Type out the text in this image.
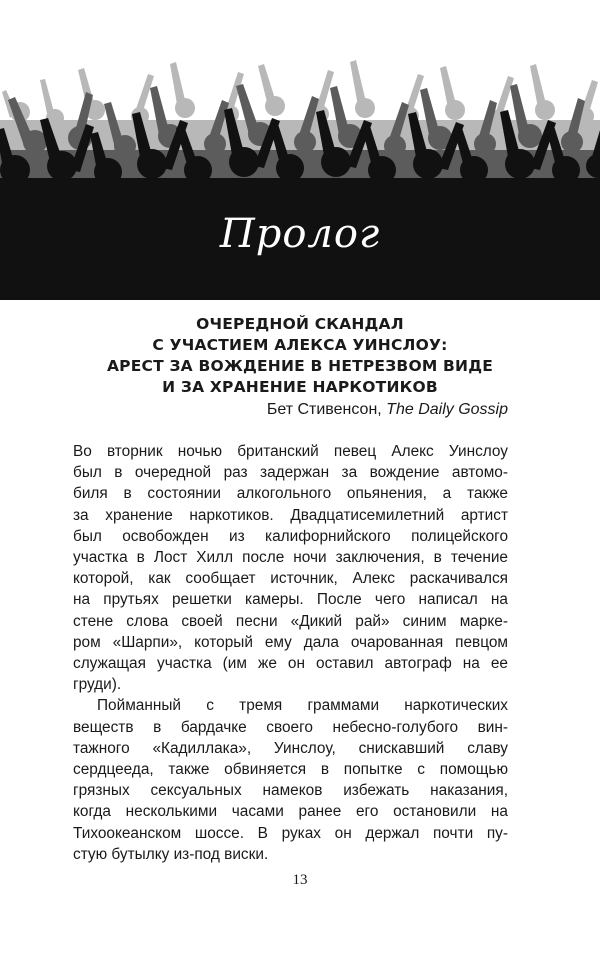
Пролог
ОЧЕРЕДНОЙ СКАНДАЛ
С УЧАСТИЕМ АЛЕКСА УИНСЛОУ:
АРЕСТ ЗА ВОЖДЕНИЕ В НЕТРЕЗВОМ ВИДЕ
И ЗА ХРАНЕНИЕ НАРКОТИКОВ
Бет Стивенсон, The Daily Gossip
Во вторник ночью британский певец Алекс Уинслоу
был в очередной раз задержан за вождение автомо-
биля в состоянии алкогольного опьянения, а также
за хранение наркотиков. Двадцатисемилетний артист
был освобожден из калифорнийского полицейского
участка в Лост Хилл после ночи заключения, в течение
которой, как сообщает источник, Алекс раскачивался
на прутьях решетки камеры. После чего написал на
стене слова своей песни «Дикий рай» синим марке-
ром «Шарпи», который ему дала очарованная певцом
служащая участка (им же он оставил автограф на ее
груди).
Пойманный с тремя граммами наркотических
веществ в бардачке своего небесно-голубого вин-
тажного «Кадиллака», Уинслоу, снискавший славу
сердцееда, также обвиняется в попытке с помощью
грязных сексуальных намеков избежать наказания,
когда несколькими часами ранее его остановили на
Тихоокеанском шоссе. В руках он держал почти пу-
стую бутылку из-под виски.
13
